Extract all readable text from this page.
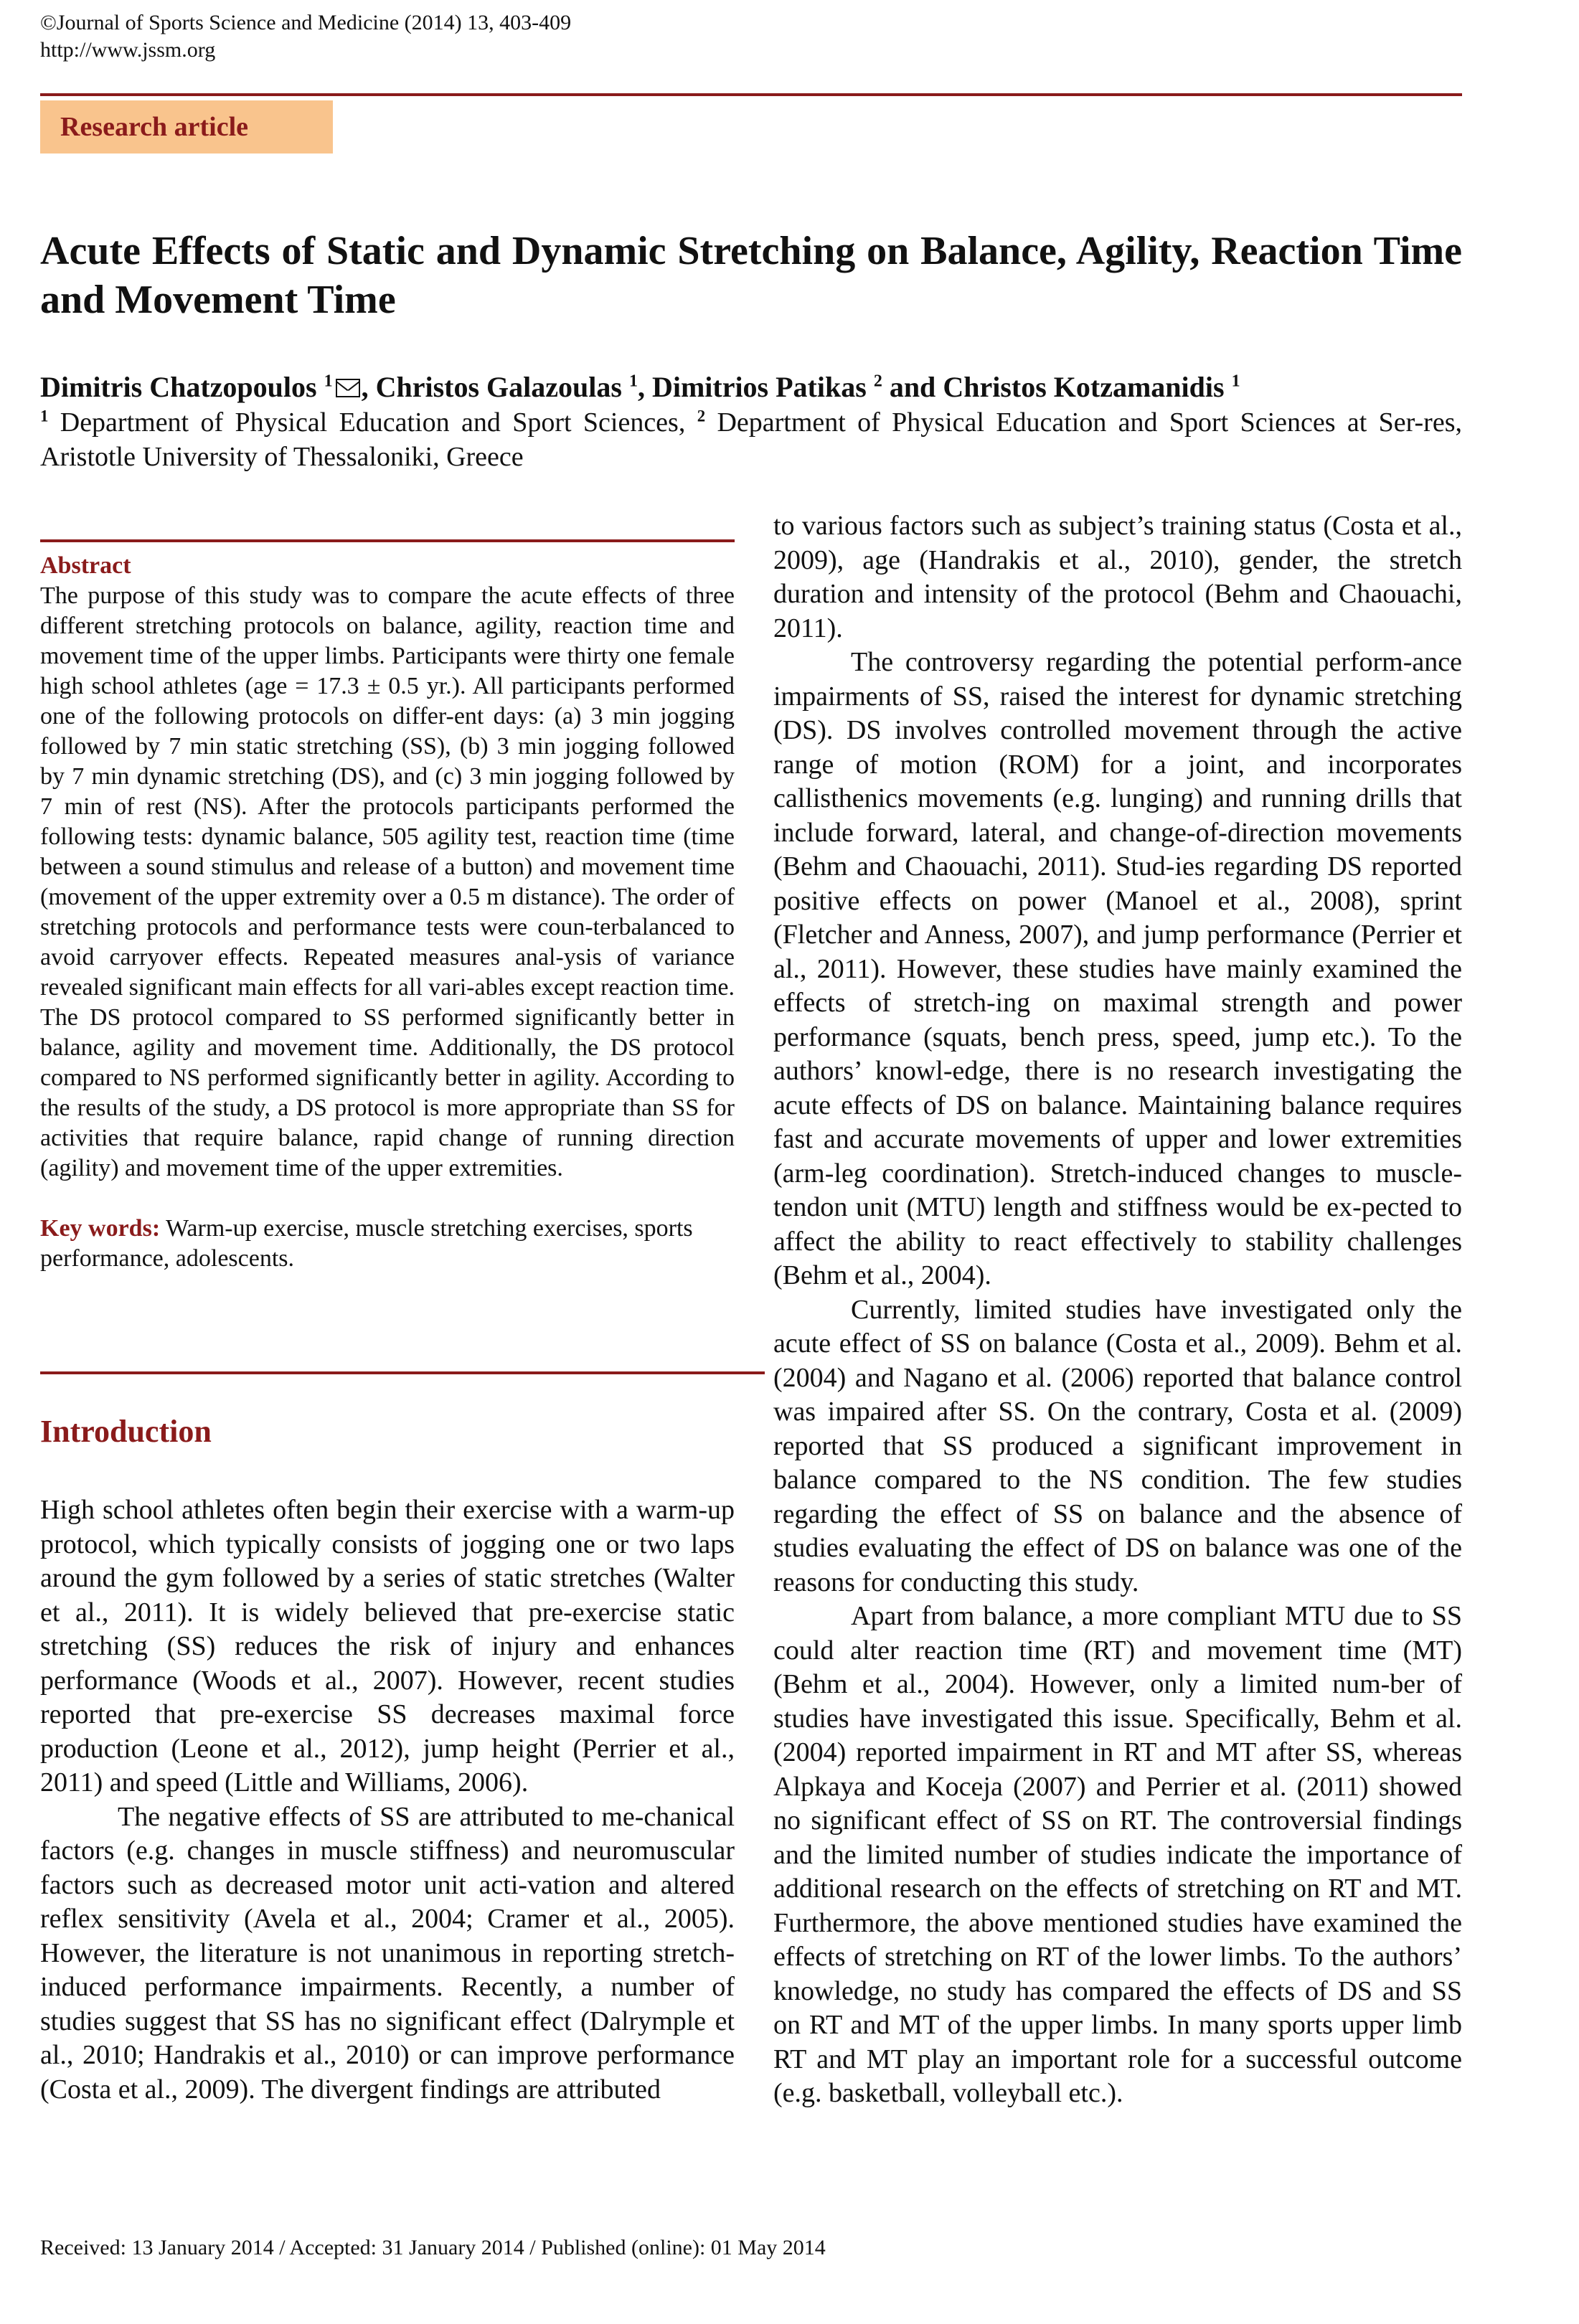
©Journal of Sports Science and Medicine (2014) 13, 403-409
http://www.jssm.org
Research article
Acute Effects of Static and Dynamic Stretching on Balance, Agility, Reaction Time and Movement Time
Dimitris Chatzopoulos $^1$ , Christos Galazoulas $^1$, Dimitrios Patikas $^2$ and Christos Kotzamanidis $^1$
$^1$ Department of Physical Education and Sport Sciences, $^2$ Department of Physical Education and Sport Sciences at Ser-res, Aristotle University of Thessaloniki, Greece
Abstract

The purpose of this study was to compare the acute effects of three different stretching protocols on balance, agility, reaction time and movement time of the upper limbs. Participants were thirty one female high school athletes (age = 17.3 ± 0.5 yr.). All participants performed one of the following protocols on differ-ent days: (a) 3 min jogging followed by 7 min static stretching (SS), (b) 3 min jogging followed by 7 min dynamic stretching (DS), and (c) 3 min jogging followed by 7 min of rest (NS). After the protocols participants performed the following tests: dynamic balance, 505 agility test, reaction time (time between a sound stimulus and release of a button) and movement time (movement of the upper extremity over a 0.5 m distance). The order of stretching protocols and performance tests were coun-terbalanced to avoid carryover effects. Repeated measures anal-ysis of variance revealed significant main effects for all vari-ables except reaction time. The DS protocol compared to SS performed significantly better in balance, agility and movement time. Additionally, the DS protocol compared to NS performed significantly better in agility. According to the results of the study, a DS protocol is more appropriate than SS for activities that require balance, rapid change of running direction (agility) and movement time of the upper extremities.

Key words: Warm-up exercise, muscle stretching exercises, sports performance, adolescents.

Introduction

High school athletes often begin their exercise with a warm-up protocol, which typically consists of jogging one or two laps around the gym followed by a series of static stretches (Walter et al., 2011). It is widely believed that pre-exercise static stretching (SS) reduces the risk of injury and enhances performance (Woods et al., 2007). However, recent studies reported that pre-exercise SS decreases maximal force production (Leone et al., 2012), jump height (Perrier et al., 2011) and speed (Little and Williams, 2006).

The negative effects of SS are attributed to me-chanical factors (e.g. changes in muscle stiffness) and neuromuscular factors such as decreased motor unit acti-vation and altered reflex sensitivity (Avela et al., 2004; Cramer et al., 2005). However, the literature is not unanimous in reporting stretch-induced performance impairments. Recently, a number of studies suggest that SS has no significant effect (Dalrymple et al., 2010; Handrakis et al., 2010) or can improve performance (Costa et al., 2009). The divergent findings are attributed

to various factors such as subject’s training status (Costa et al., 2009), age (Handrakis et al., 2010), gender, the stretch duration and intensity of the protocol (Behm and Chaouachi, 2011).

The controversy regarding the potential perform-ance impairments of SS, raised the interest for dynamic stretching (DS). DS involves controlled movement through the active range of motion (ROM) for a joint, and incorporates callisthenics movements (e.g. lunging) and running drills that include forward, lateral, and change-of-direction movements (Behm and Chaouachi, 2011). Stud-ies regarding DS reported positive effects on power (Manoel et al., 2008), sprint (Fletcher and Anness, 2007), and jump performance (Perrier et al., 2011). However, these studies have mainly examined the effects of stretch-ing on maximal strength and power performance (squats, bench press, speed, jump etc.). To the authors’ knowl-edge, there is no research investigating the acute effects of DS on balance. Maintaining balance requires fast and accurate movements of upper and lower extremities (arm-leg coordination). Stretch-induced changes to muscle-tendon unit (MTU) length and stiffness would be ex-pected to affect the ability to react effectively to stability challenges (Behm et al., 2004).

Currently, limited studies have investigated only the acute effect of SS on balance (Costa et al., 2009). Behm et al. (2004) and Nagano et al. (2006) reported that balance control was impaired after SS. On the contrary, Costa et al. (2009) reported that SS produced a significant improvement in balance compared to the NS condition. The few studies regarding the effect of SS on balance and the absence of studies evaluating the effect of DS on balance was one of the reasons for conducting this study.

Apart from balance, a more compliant MTU due to SS could alter reaction time (RT) and movement time (MT) (Behm et al., 2004). However, only a limited num-ber of studies have investigated this issue. Specifically, Behm et al. (2004) reported impairment in RT and MT after SS, whereas Alpkaya and Koceja (2007) and Perrier et al. (2011) showed no significant effect of SS on RT. The controversial findings and the limited number of studies indicate the importance of additional research on the effects of stretching on RT and MT. Furthermore, the above mentioned studies have examined the effects of stretching on RT of the lower limbs. To the authors’ knowledge, no study has compared the effects of DS and SS on RT and MT of the upper limbs. In many sports upper limb RT and MT play an important role for a successful outcome (e.g. basketball, volleyball etc.).

Received: 13 January 2014 / Accepted: 31 January 2014 / Published (online): 01 May 2014
